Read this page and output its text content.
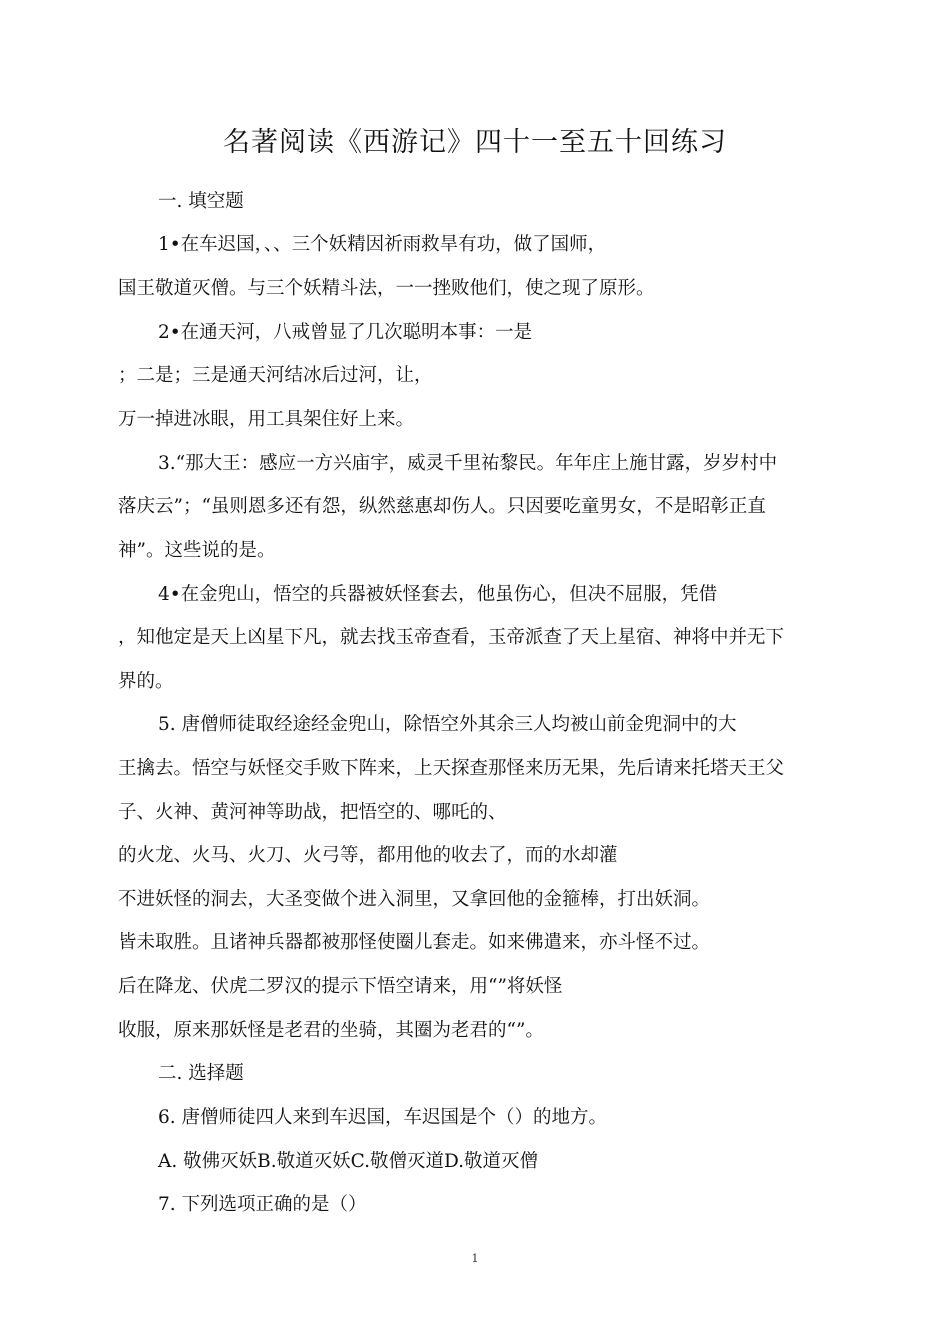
名著阅读《西游记》四十一至五十回练习
一. 填空题
1•在车迟国，、、三个妖精因祈雨救旱有功，做了国师，
国王敬道灭僧。与三个妖精斗法，一一挫败他们，使之现了原形。
2•在通天河，八戒曾显了几次聪明本事：一是
；二是；三是通天河结冰后过河，让，
万一掉进冰眼，用工具架住好上来。
3.“那大王：感应一方兴庙宇，威灵千里祐黎民。年年庄上施甘露，岁岁村中
落庆云”；“虽则恩多还有怨，纵然慈惠却伤人。只因要吃童男女，不是昭彰正直
神”。这些说的是。
4•在金兜山，悟空的兵器被妖怪套去，他虽伤心，但决不屈服，凭借
，知他定是天上凶星下凡，就去找玉帝查看，玉帝派查了天上星宿、神将中并无下
界的。
5. 唐僧师徒取经途经金兜山，除悟空外其余三人均被山前金兜洞中的大
王擒去。悟空与妖怪交手败下阵来，上天探查那怪来历无果，先后请来托塔天王父
子、火神、黄河神等助战，把悟空的、哪吒的、
的火龙、火马、火刀、火弓等，都用他的收去了，而的水却灌
不进妖怪的洞去，大圣变做个进入洞里，又拿回他的金箍棒，打出妖洞。
皆未取胜。且诸神兵器都被那怪使圈儿套走。如来佛遣来，亦斗怪不过。
后在降龙、伏虎二罗汉的提示下悟空请来，用“”将妖怪
收服，原来那妖怪是老君的坐骑，其圈为老君的“”。
二. 选择题
6. 唐僧师徒四人来到车迟国，车迟国是个（）的地方。
A. 敬佛灭妖B.敬道灭妖C.敬僧灭道D.敬道灭僧
7. 下列选项正确的是（）
1
